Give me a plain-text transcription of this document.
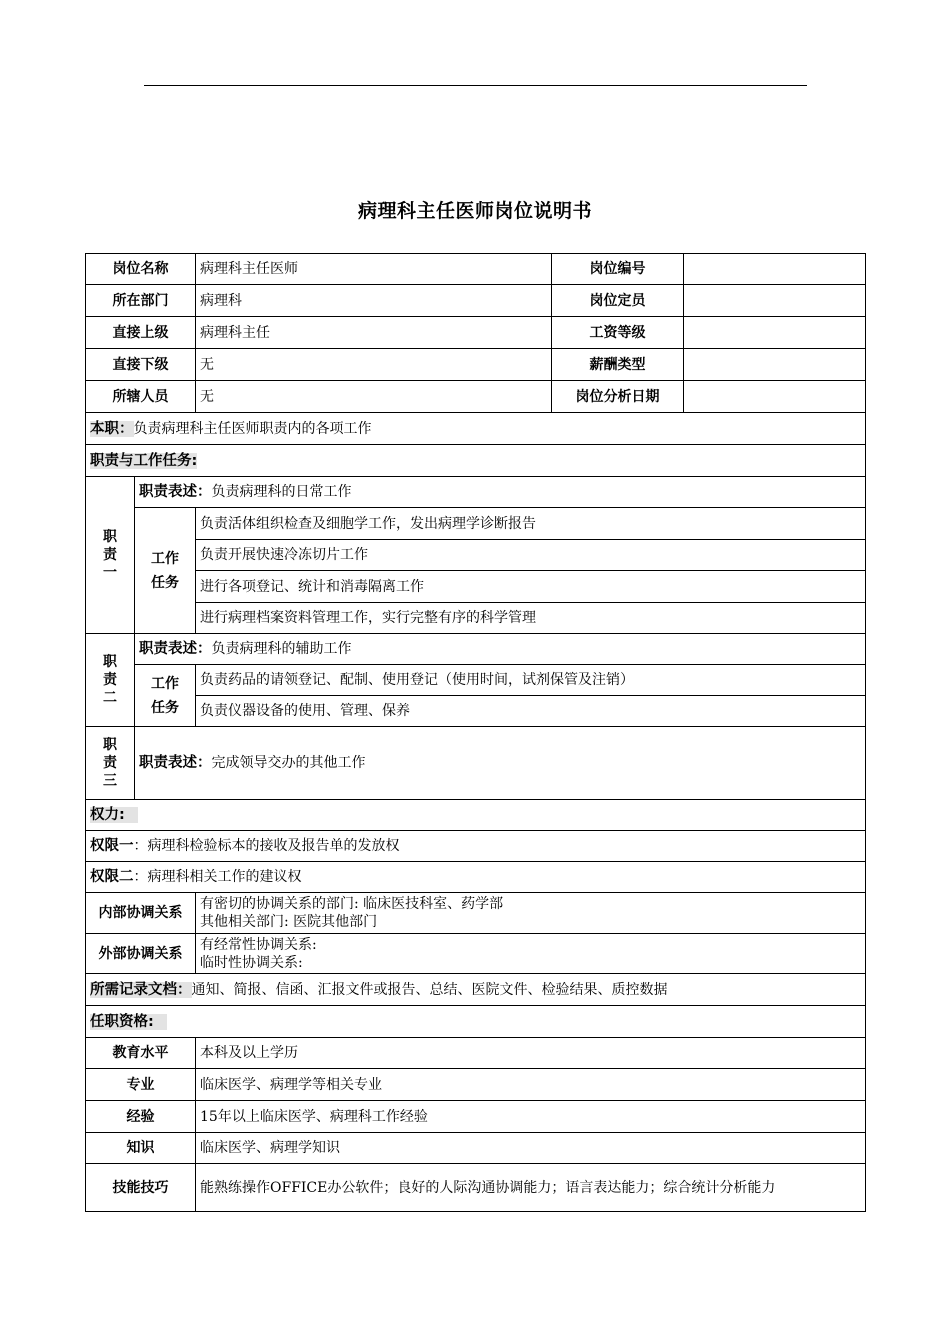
病理科主任医师岗位说明书
岗位名称		病理科主任医师	岗位编号	
所在部门		病理科	岗位定员	
直接上级		病理科主任	工资等级	
直接下级		无	薪酬类型	
所辖人员		无	岗位分析日期	
本职：负责病理科主任医师职责内的各项工作				
职责与工作任务:				

职责一	职责表述：负责病理科的日常工作			

	工作任务	负责活体组织检查及细胞学工作，发出病理学诊断报告		
		负责开展快速冷冻切片工作		
		进行各项登记、统计和消毒隔离工作		
		进行病理档案资料管理工作，实行完整有序的科学管理		

职责二	职责表述：负责病理科的辅助工作			

	工作任务	负责药品的请领登记、配制、使用登记（使用时间，试剂保管及注销）		
		负责仪器设备的使用、管理、保养		

职责三	职责表述：完成领导交办的其他工作			
权力:				
权限一：病理科检验标本的接收及报告单的发放权				
权限二：病理科相关工作的建议权				
内部协调关系		有密切的协调关系的部门: 临床医技科室、药学部
其他相关部门: 医院其他部门		

外部协调关系		有经常性协调关系:
临时性协调关系:		

所需记录文档：通知、简报、信函、汇报文件或报告、总结、医院文件、检验结果、质控数据				
任职资格:				
教育水平		本科及以上学历		
专业		临床医学、病理学等相关专业		
经验		15年以上临床医学、病理科工作经验		
知识		临床医学、病理学知识		
技能技巧		能熟练操作OFFICE办公软件；良好的人际沟通协调能力；语言表达能力；综合统计分析能力		
